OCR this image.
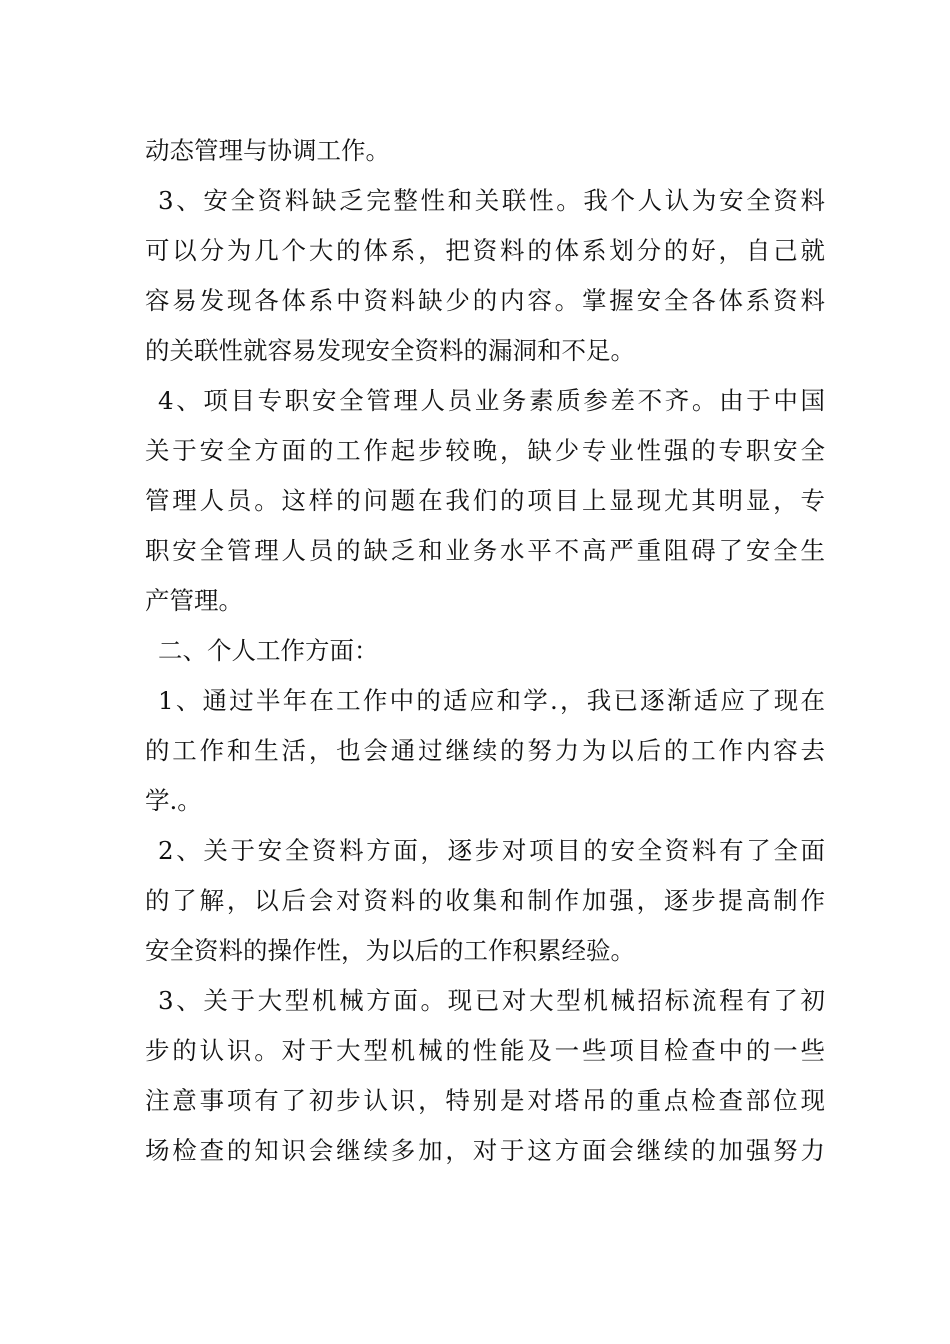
动态管理与协调工作。
3、安全资料缺乏完整性和关联性。我个人认为安全资料
可以分为几个大的体系，把资料的体系划分的好，自己就
容易发现各体系中资料缺少的内容。掌握安全各体系资料
的关联性就容易发现安全资料的漏洞和不足。
4、项目专职安全管理人员业务素质参差不齐。由于中国
关于安全方面的工作起步较晚，缺少专业性强的专职安全
管理人员。这样的问题在我们的项目上显现尤其明显，专
职安全管理人员的缺乏和业务水平不高严重阻碍了安全生
产管理。
二、个人工作方面：
1、通过半年在工作中的适应和学.，我已逐渐适应了现在
的工作和生活，也会通过继续的努力为以后的工作内容去
学.。
2、关于安全资料方面，逐步对项目的安全资料有了全面
的了解，以后会对资料的收集和制作加强，逐步提高制作
安全资料的操作性，为以后的工作积累经验。
3、关于大型机械方面。现已对大型机械招标流程有了初
步的认识。对于大型机械的性能及一些项目检查中的一些
注意事项有了初步认识，特别是对塔吊的重点检查部位现
场检查的知识会继续多加，对于这方面会继续的加强努力
